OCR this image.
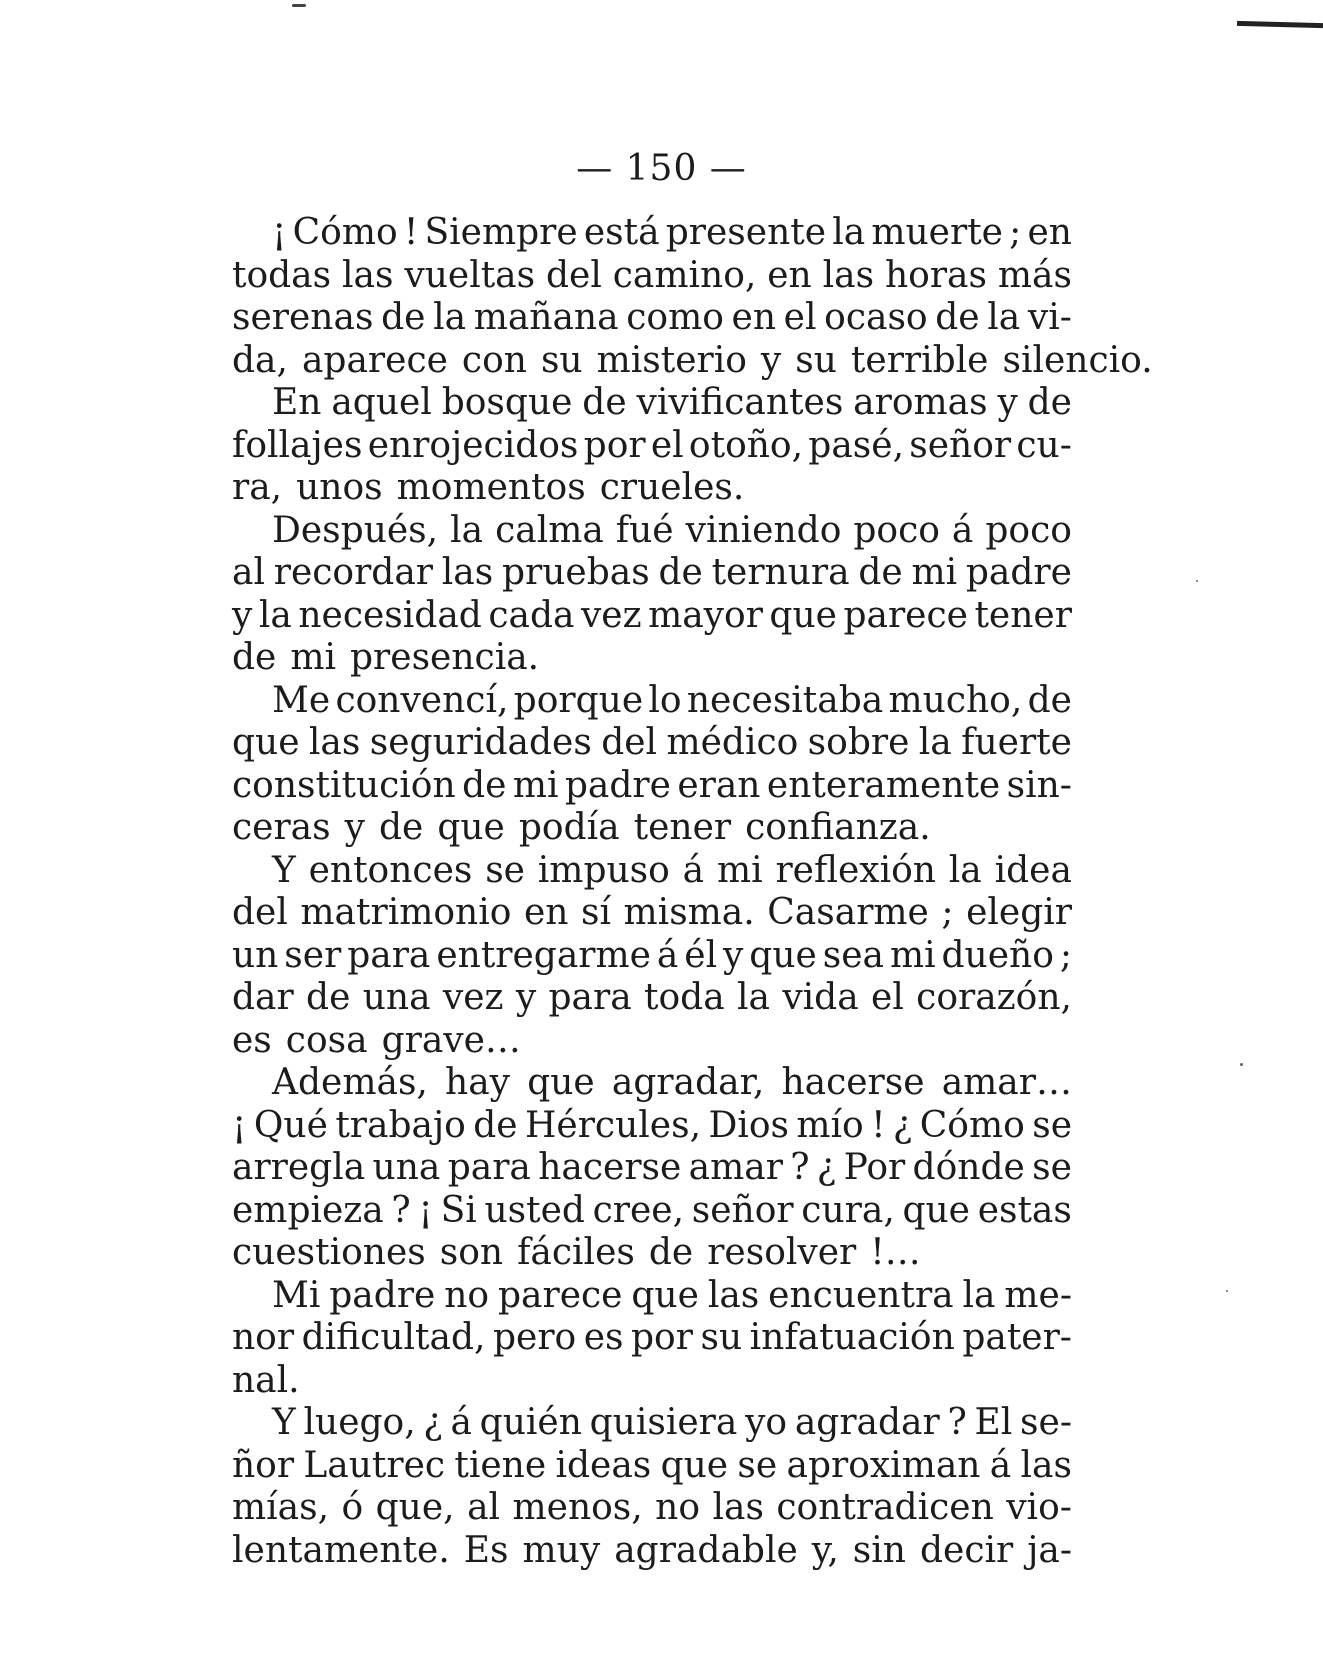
— 150 —
¡ Cómo ! Siempre está presente la muerte ; en
todas las vueltas del camino, en las horas más
serenas de la mañana como en el ocaso de la vi-
da, aparece con su misterio y su terrible silencio.
En aquel bosque de vivificantes aromas y de
follajes enrojecidos por el otoño, pasé, señor cu-
ra, unos momentos crueles.
Después, la calma fué viniendo poco á poco
al recordar las pruebas de ternura de mi padre
y la necesidad cada vez mayor que parece tener
de mi presencia.
Me convencí, porque lo necesitaba mucho, de
que las seguridades del médico sobre la fuerte
constitución de mi padre eran enteramente sin-
ceras y de que podía tener confianza.
Y entonces se impuso á mi reflexión la idea
del matrimonio en sí misma. Casarme ; elegir
un ser para entregarme á él y que sea mi dueño ;
dar de una vez y para toda la vida el corazón,
es cosa grave…
Además, hay que agradar, hacerse amar…
¡ Qué trabajo de Hércules, Dios mío ! ¿ Cómo se
arregla una para hacerse amar ? ¿ Por dónde se
empieza ? ¡ Si usted cree, señor cura, que estas
cuestiones son fáciles de resolver !…
Mi padre no parece que las encuentra la me-
nor dificultad, pero es por su infatuación pater-
nal.
Y luego, ¿ á quién quisiera yo agradar ? El se-
ñor Lautrec tiene ideas que se aproximan á las
mías, ó que, al menos, no las contradicen vio-
lentamente. Es muy agradable y, sin decir ja-
